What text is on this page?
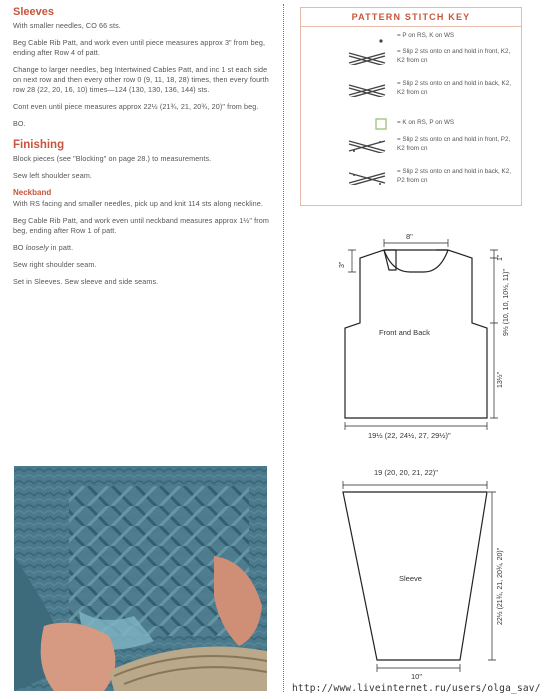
Sleeves
With smaller needles, CO 66 sts.
Beg Cable Rib Patt, and work even until piece measures approx 3" from beg, ending after Row 4 of patt.
Change to larger needles, beg Intertwined Cables Patt, and inc 1 st each side on next row and then every other row 0 (9, 11, 18, 28) times, then every fourth row 28 (22, 20, 16, 10) times—124 (130, 130, 136, 144) sts.
Cont even until piece measures approx 22½ (21¾, 21, 20¾, 20)" from beg.
BO.
Finishing
Block pieces (see "Blocking" on page 28.) to measurements.
Sew left shoulder seam.
Neckband
With RS facing and smaller needles, pick up and knit 114 sts along neckline.
Beg Cable Rib Patt, and work even until neckband measures approx 1½" from beg, ending after Row 1 of patt.
BO loosely in patt.
Sew right shoulder seam.
Set in Sleeves. Sew sleeve and side seams.
PATTERN STITCH KEY
= P on RS, K on WS
= Slip 2 sts onto cn and hold in front, K2, K2 from cn
= Slip 2 sts onto cn and hold in back, K2, K2 from cn
= K on RS, P on WS
= Slip 2 sts onto cn and hold in front, P2, K2 from cn
= Slip 2 sts onto cn and hold in back, K2, P2 from cn
8"
3"
1"
9½ (10, 10, 10½, 11)"
13½"
Front and Back
19½ (22, 24½, 27, 29½)"
19 (20, 20, 21, 22)"
Sleeve	22½ (21¾, 21, 20¾, 20)"
10"
http://www.liveinternet.ru/users/olga_sav/
